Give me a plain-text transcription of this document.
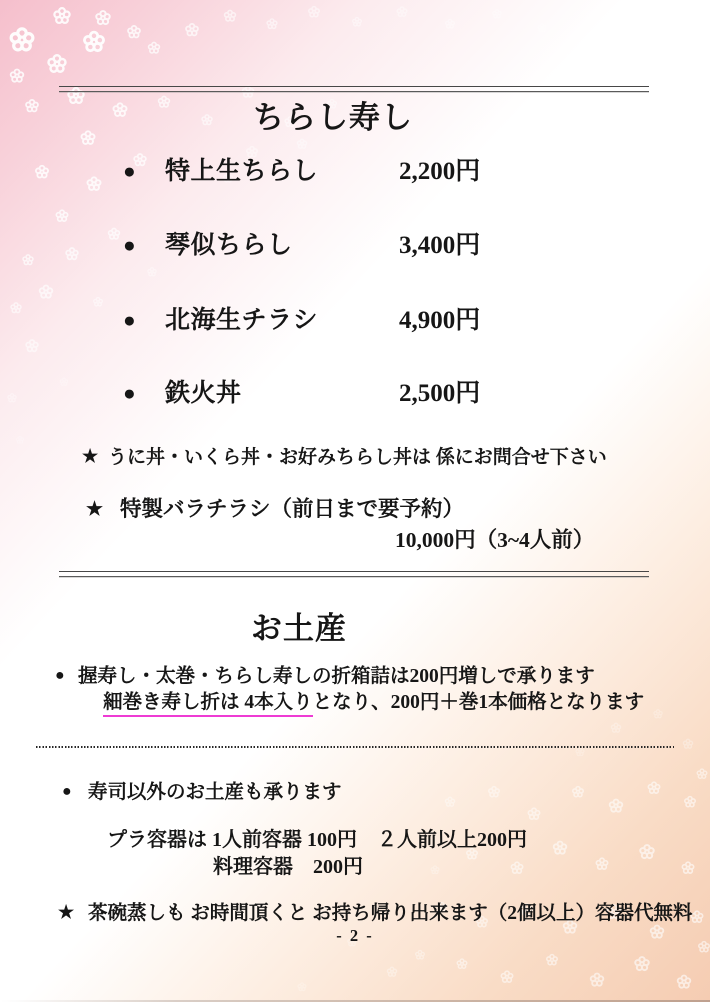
ちらし寿し
● 特上生ちらし	2,200円
● 琴似ちらし	3,400円
● 北海生チラシ	4,900円
● 鉄火丼	2,500円
★ うに丼・いくら丼・お好みちらし丼は 係にお問合せ下さい
★ 特製バラチラシ（前日まで要予約）
10,000円（3~4人前）
お土産
● 握寿し・太巻・ちらし寿しの折箱詰は200円増しで承ります
細巻き寿し折は 4本入りとなり、200円＋巻1本価格となります
● 寿司以外のお土産も承ります
プラ容器は 1人前容器 100円　２人前以上200円
料理容器　200円
★ 茶碗蒸しも お時間頂くと お持ち帰り出来ます（2個以上）容器代無料
- 2 -
